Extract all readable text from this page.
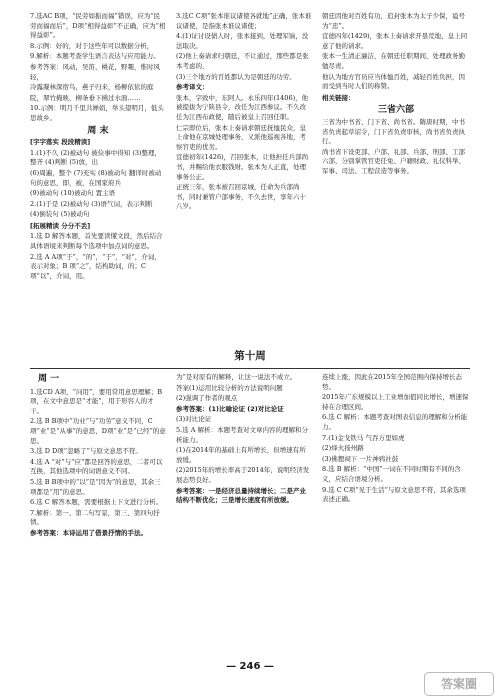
7.选AC B项，“民劳如振而福”错误，应为“民劳而福而后”，D项“相得益彰”不正确，应为“相得益彰”。

8.示例：好的，对于这些年可以数据分析，

9.解析：本题考查学生语言表达与应用能力。

参考答案：风动，吴笛，桃花，野趣，惟时风轻，

冷露凝林深宿鸟，燕子归来，杨柳依依的庭

院，翠竹掩映，柳条垂下拂过水面……

10.示例：明月千里共婵娟，举头望明月，低头思故乡。

周 末
[字字落实 段段精读]

1.(1)不久 (2)被动句 被俭事中得知 (3)整理，整齐 (4)判断 (5)放，出

(6)周遍，整个 (7)充实 (8)被动句 翻译时被动句的意思，即，被，在国家府兵

(9)被动句 (10)被动句 置主语

2.(1)于是 (2)被动句 (3)语气词，表示判断

(4)倒装句 (5)被动句

[拓展精读 分分不丢]

1.选 D 解答本题，首先要读懂文段，然后结合具体语境来判断每个选项中加点词的意思。

2.选 A A项“于”，“的”，“于”，“对”，介词，表示对象；B 项“之”，结构助词，的；C 项“以”，介词，用。

3.选C C项“张本谁议诸使各就地”正确，张本谁议诸使，是指张本谁议诸使；

4.(1)证讨设债人时，张本接到，处理军饷，没法取决。

(2)他上奏请求归朝廷，不让通过，那些都是张本考虑的，

(3)三个地方的百姓都认为是朝廷的功劳。

参考译文：

张本，字致中，东阿人。永乐四年(1406)，他被提拔为宁陕县令，改任为江西参议。不久改任为江西布政使，随后被皇上召回任职。

仁宗即位后，张本上奏请求朝廷抚恤民众，皇上命他在京城处理事务，又派他巡视各地，考察官吏的优劣。

宣德初年(1426)，召回张本，让他担任兵部尚书，并赐给他衣服钱财。张本为人正直，处理事务公正。

正统三年，张本被召回京城，任命为兵部尚书，同时兼管户部事务，不久去世，享年六十八岁。

朝廷因他对百姓有功，追封张本为太子少保，谥号为“忠”。

宣德四年(1429)，张本上奏请求开垦荒地，皇上同意了他的请求。

张本一生清正廉洁，在朝廷任职期间，处理政务勤勉尽责。

他认为地方官员应当体恤百姓，减轻百姓负担，因而受到当时人们的称赞。

相关链接：
三省六部

三省为中书省、门下省、尚书省。隋唐时期，中书省负责起草诏令，门下省负责审核，尚书省负责执行。

尚书省下设吏部、户部、礼部、兵部、刑部、工部六部，分别掌管官吏任免、户籍财政、礼仪科举、军事、司法、工程营造等事务。

第十周
周 一

1.选CD A项，“问用”，要用常用意思理解；B项，在文中意思是“才能”，用于形容人的才干。

2.选 B B项中“功业”与“功劳”意义不同，C项“业”是“从事”的意思，D项“业”是“已经”的意思。

3.选 D D项“忽略了”与原文意思不符。

4.选 A “对”与“应”都是回答的意思，二者可以互换，其他选项中的词语意义不同。

5.选 B B项中的“以”是“因为”的意思，其余三项都是“用”的意思。

6.选 C 解答本题，需要根据上下文进行分析。

7.解析：第一、第二句写景，第三、第四句抒情。

参考答案：本诗运用了借景抒情的手法。

为“是对原有的解释，让这一说法不成立。

答案(1)运用比较分析的方法说明问题

(2)强调了作者的观点

参考答案：(1)比喻论证 (2)对比论证

(3)对比论证

5.选 A 解析：本题考查对文章内容的理解和分析能力。

(1)在2014年的基础上有所增长，但增速有所放缓。

(2)2015年的增长率高于2014年，说明经济发展态势良好。

参考答案：一是经济总量持续增长；二是产业结构不断优化；三是增长速度有所放缓。

连续上涨，因此在2015年全国范围内保持增长态势。

2015年广东规模以上工业增加值同比增长，增速保持在合理区间。

6.选 C 解析：本题考查对图表信息的理解和分析能力。

7.(1)金戈铁马 气吞万里如虎

(2)烽火扬州路

(3)佛狸祠下 一片神鸦社鼓

8.选 B 解析：“中国”一词在不同时期有不同的含义，应结合语境分析。

9.选 C C项“见于生活”与原文意思不符，其余选项表述正确。

— 246 —
答案圈
